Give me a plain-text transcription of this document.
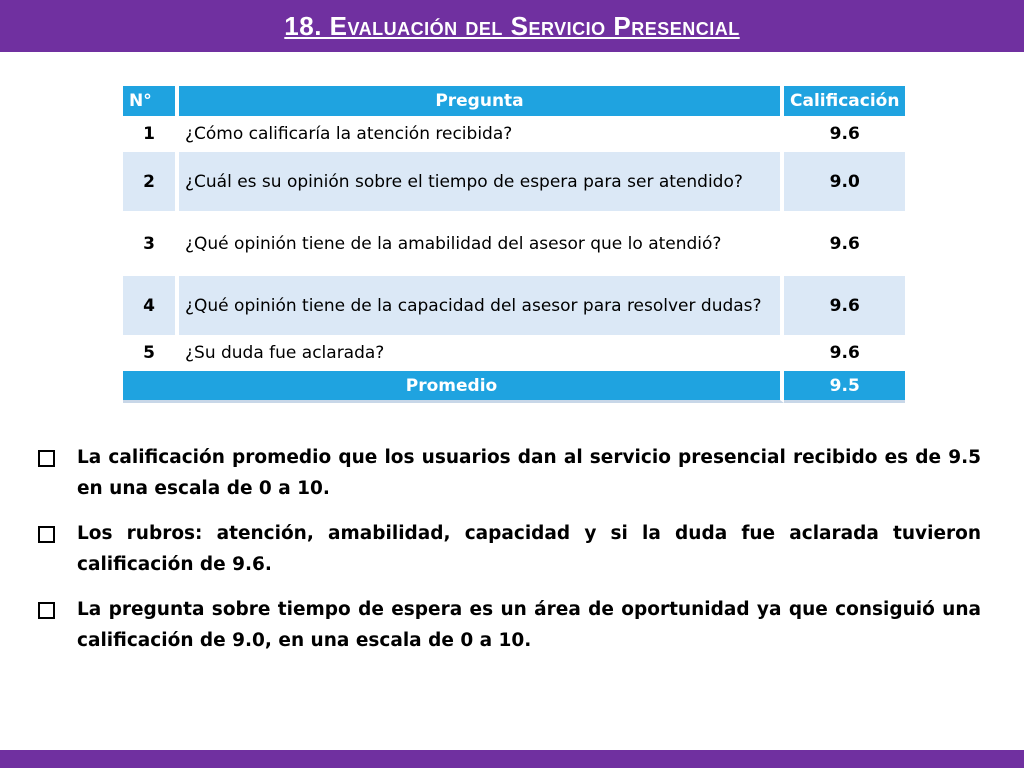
18. Evaluación del Servicio Presencial
N°	Pregunta	Calificación
1	¿Cómo calificaría la atención recibida?	9.6
2	¿Cuál es su opinión sobre el tiempo de espera para ser atendido?	9.0
3	¿Qué opinión tiene de la amabilidad del asesor que lo atendió?	9.6
4	¿Qué opinión tiene de la capacidad del asesor para resolver dudas?	9.6
5	¿Su duda fue aclarada?	9.6
Promedio		9.5
La calificación promedio que los usuarios dan al servicio presencial recibido es de 9.5 en una escala de 0 a 10.
Los rubros: atención, amabilidad, capacidad y si la duda fue aclarada tuvieron calificación de 9.6.
La pregunta sobre tiempo de espera es un área de oportunidad ya que consiguió una calificación de 9.0, en una escala de 0 a 10.
